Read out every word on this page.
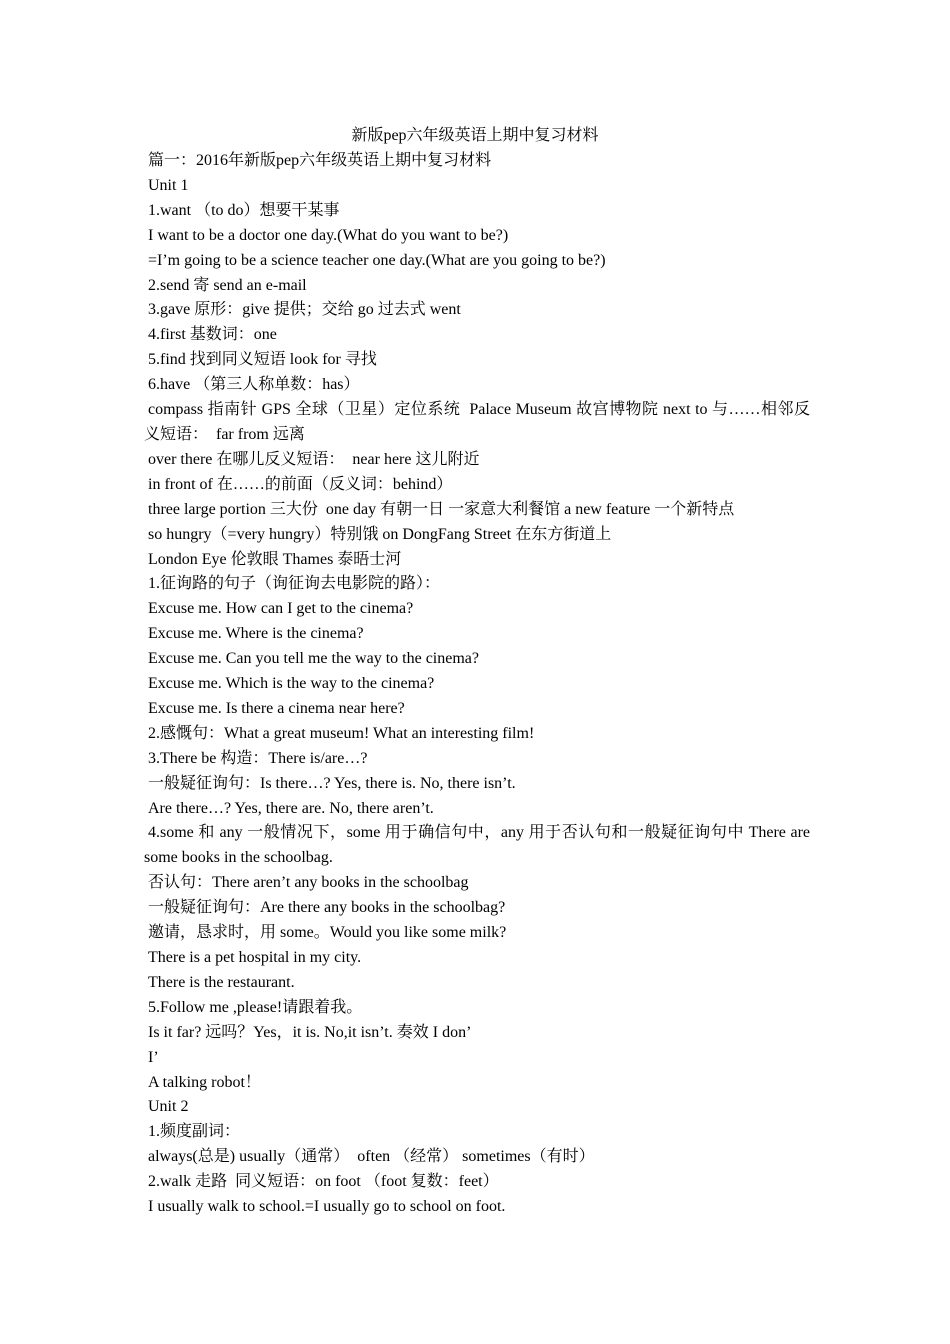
新版pep六年级英语上期中复习材料
篇一：2016年新版pep六年级英语上期中复习材料
Unit 1
1.want （to do）想要干某事
I want to be a doctor one day.(What do you want to be?)
=I’m going to be a science teacher one day.(What are you going to be?)
2.send 寄 send an e-mail
3.gave 原形：give 提供；交给 go 过去式 went
4.first 基数词：one
5.find 找到同义短语 look for 寻找
6.have （第三人称单数：has）
compass 指南针 GPS 全球（卫星）定位系统  Palace Museum 故宫博物院 next to 与……相邻反义短语：  far from 远离
over there 在哪儿反义短语：  near here 这儿附近
in front of 在……的前面（反义词：behind）
three large portion 三大份  one day 有朝一日 一家意大利餐馆 a new feature 一个新特点
so hungry（=very hungry）特别饿 on DongFang Street 在东方街道上
London Eye 伦敦眼 Thames 泰晤士河
1.征询路的句子（询征询去电影院的路）：
Excuse me. How can I get to the cinema?
Excuse me. Where is the cinema?
Excuse me. Can you tell me the way to the cinema?
Excuse me. Which is the way to the cinema?
Excuse me. Is there a cinema near here?
2.感慨句：What a great museum! What an interesting film!
3.There be 构造：There is/are…?
一般疑征询句：Is there…? Yes, there is. No, there isn’t.
Are there…? Yes, there are. No, there aren’t.
4.some 和 any 一般情况下，some 用于确信句中，any 用于否认句和一般疑征询句中 There are some books in the schoolbag.
否认句：There aren’t any books in the schoolbag
一般疑征询句：Are there any books in the schoolbag?
邀请，恳求时，用 some。Would you like some milk?
There is a pet hospital in my city.
There is the restaurant.
5.Follow me ,please!请跟着我。
Is it far? 远吗？Yes，it is. No,it isn’t. 奏效 I don’
I’
A talking robot！
Unit 2
1.频度副词：
always(总是) usually（通常）  often （经常） sometimes（有时）
2.walk 走路  同义短语：on foot （foot 复数：feet）
I usually walk to school.=I usually go to school on foot.
